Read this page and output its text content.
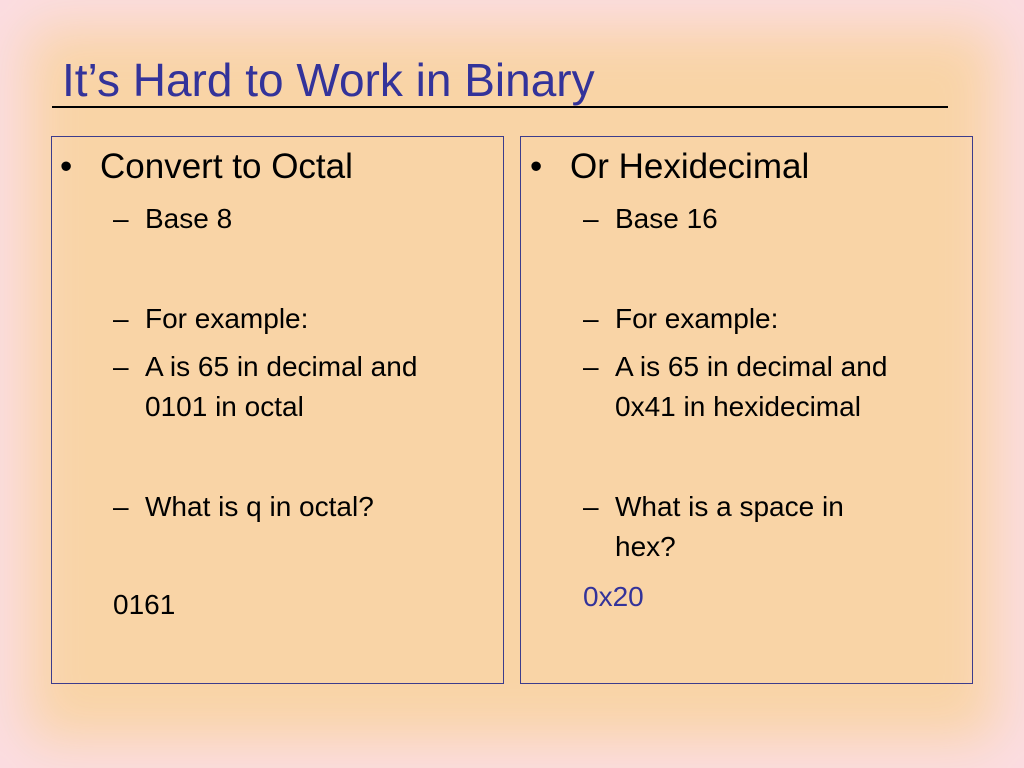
It’s Hard to Work in Binary
• Convert to Octal
– Base 8
– For example:
– A is 65 in decimal and
0101 in octal
– What is q in octal?

0161

• Or Hexidecimal
– Base 16
– For example:
– A is 65 in decimal and
0x41 in hexidecimal
– What is a space in
hex?

0x20
